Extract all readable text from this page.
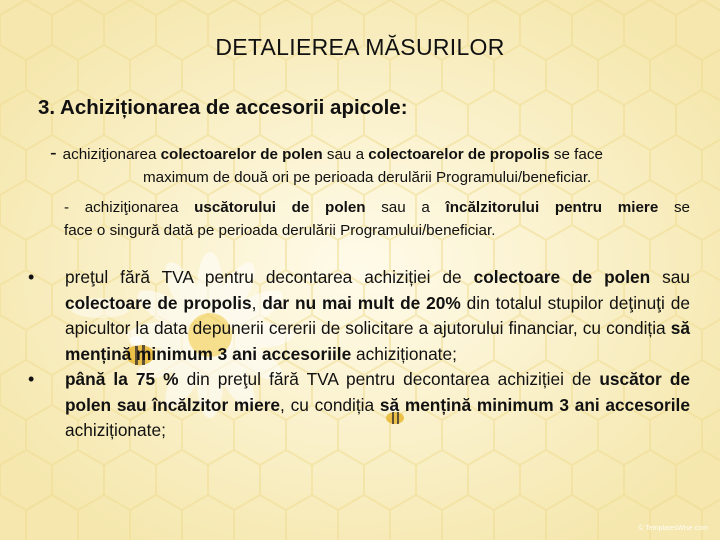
DETALIEREA MĂSURILOR
3. Achiziționarea de accesorii apicole:
- achiziţionarea colectoarelor de polen sau a colectoarelor de propolis se face
maximum de două ori pe perioada derulării Programului/beneficiar.
- achiziţionarea uscătorului de polen sau a încălzitorului pentru miere se
face o singură dată pe perioada derulării Programului/beneficiar.
• preţul fără TVA pentru decontarea achiziției de colectoare de polen sau colectoare de propolis, dar nu mai mult de 20% din totalul stupilor deţinuţi de apicultor la data depunerii cererii de solicitare a ajutorului financiar, cu condiția să mențină minimum 3 ani accesoriile achiziționate;
• până la 75 % din preţul fără TVA pentru decontarea achiziției de uscător de polen sau încălzitor miere, cu condiția să mențină minimum 3 ani accesorile achiziționate;
© TemplatesWise.com
